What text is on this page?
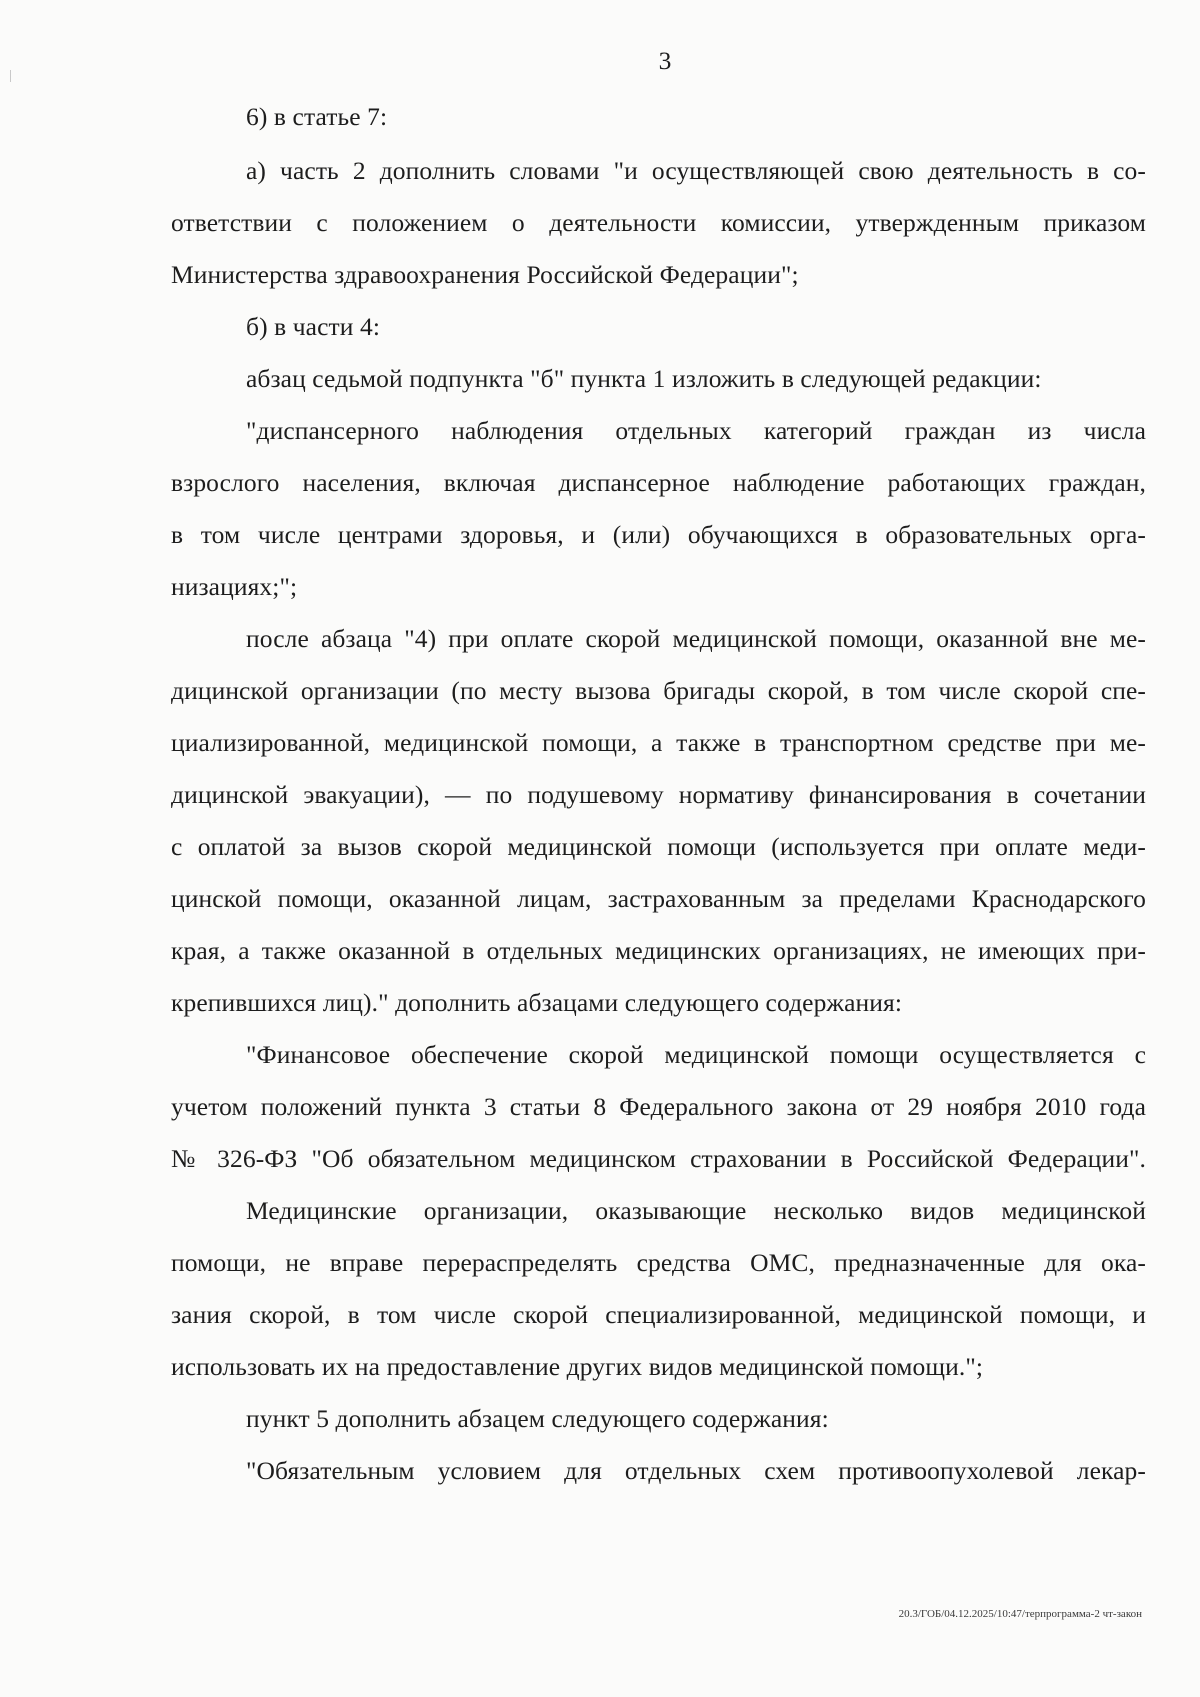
3
6) в статье 7:
а) часть 2 дополнить словами "и осуществляющей свою деятельность в со-
ответствии с положением о деятельности комиссии, утвержденным приказом
Министерства здравоохранения Российской Федерации";
б) в части 4:
абзац седьмой подпункта "б" пункта 1 изложить в следующей редакции:
"диспансерного наблюдения отдельных категорий граждан из числа
взрослого населения, включая диспансерное наблюдение работающих граждан,
в том числе центрами здоровья, и (или) обучающихся в образовательных орга-
низациях;";
после абзаца "4) при оплате скорой медицинской помощи, оказанной вне ме-
дицинской организации (по месту вызова бригады скорой, в том числе скорой спе-
циализированной, медицинской помощи, а также в транспортном средстве при ме-
дицинской эвакуации), — по подушевому нормативу финансирования в сочетании
с оплатой за вызов скорой медицинской помощи (используется при оплате меди-
цинской помощи, оказанной лицам, застрахованным за пределами Краснодарского
края, а также оказанной в отдельных медицинских организациях, не имеющих при-
крепившихся лиц)." дополнить абзацами следующего содержания:
"Финансовое обеспечение скорой медицинской помощи осуществляется с
учетом положений пункта 3 статьи 8 Федерального закона от 29 ноября 2010 года
№ 326-ФЗ "Об обязательном медицинском страховании в Российской Федерации".
Медицинские организации, оказывающие несколько видов медицинской
помощи, не вправе перераспределять средства ОМС, предназначенные для ока-
зания скорой, в том числе скорой специализированной, медицинской помощи, и
использовать их на предоставление других видов медицинской помощи.";
пункт 5 дополнить абзацем следующего содержания:
"Обязательным условием для отдельных схем противоопухолевой лекар-
20.3/ГОБ/04.12.2025/10:47/терпрограмма-2 чт-закон
